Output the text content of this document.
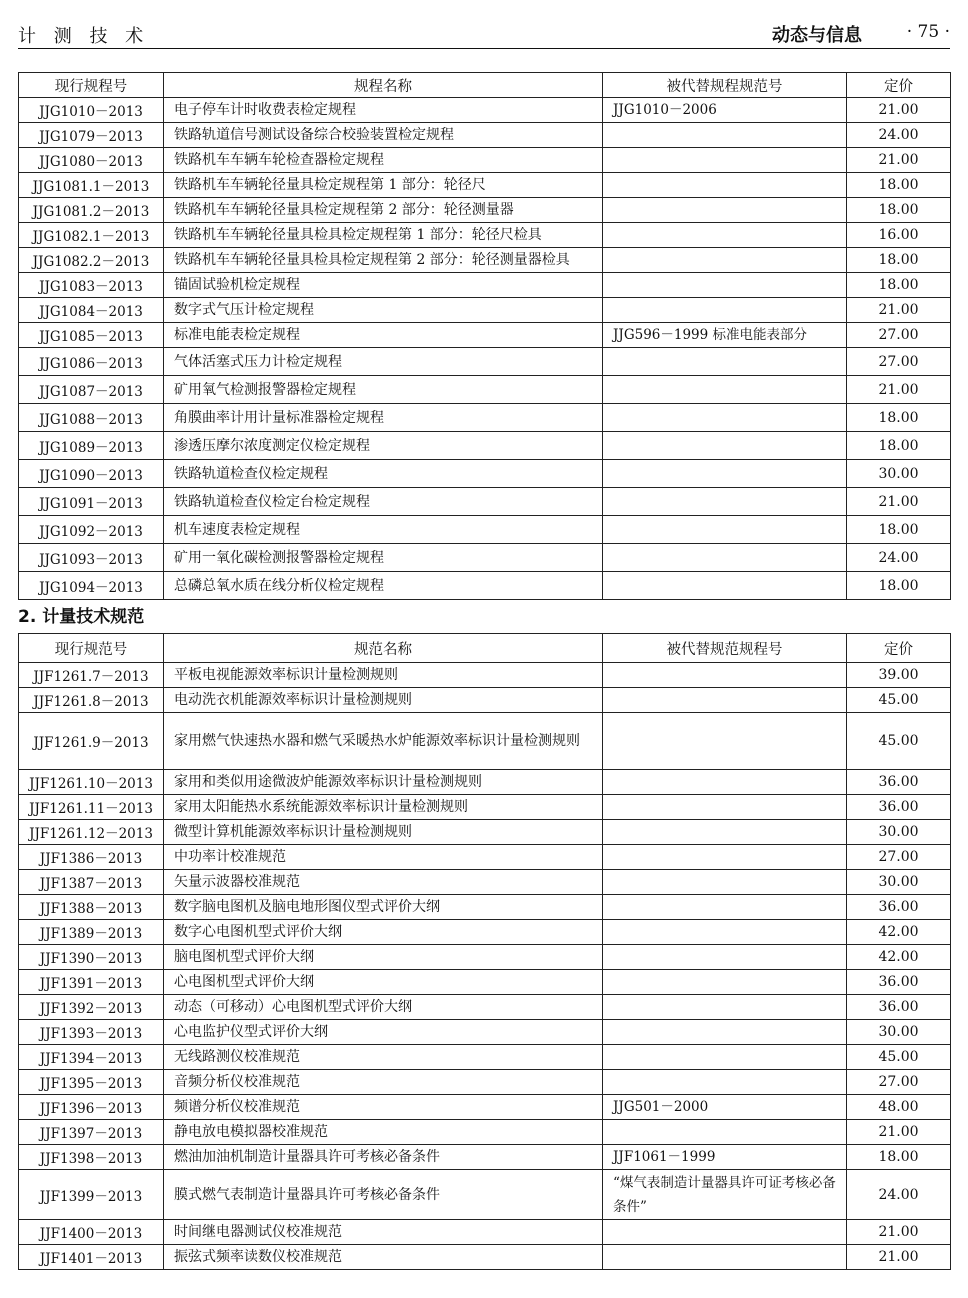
计 测 技 术	动态与信息	· 75 ·
现行规程号	规程名称	被代替规程规范号	定价
JJG1010－2013	电子停车计时收费表检定规程	JJG1010－2006	21.00
JJG1079－2013	铁路轨道信号测试设备综合校验装置检定规程		24.00
JJG1080－2013	铁路机车车辆车轮检查器检定规程		21.00
JJG1081.1－2013	铁路机车车辆轮径量具检定规程第 1 部分：轮径尺		18.00
JJG1081.2－2013	铁路机车车辆轮径量具检定规程第 2 部分：轮径测量器		18.00
JJG1082.1－2013	铁路机车车辆轮径量具检具检定规程第 1 部分：轮径尺检具		16.00
JJG1082.2－2013	铁路机车车辆轮径量具检具检定规程第 2 部分：轮径测量器检具		18.00
JJG1083－2013	锚固试验机检定规程		18.00
JJG1084－2013	数字式气压计检定规程		21.00
JJG1085－2013	标准电能表检定规程	JJG596－1999 标准电能表部分	27.00
JJG1086－2013	气体活塞式压力计检定规程		27.00
JJG1087－2013	矿用氧气检测报警器检定规程		21.00
JJG1088－2013	角膜曲率计用计量标准器检定规程		18.00
JJG1089－2013	渗透压摩尔浓度测定仪检定规程		18.00
JJG1090－2013	铁路轨道检查仪检定规程		30.00
JJG1091－2013	铁路轨道检查仪检定台检定规程		21.00
JJG1092－2013	机车速度表检定规程		18.00
JJG1093－2013	矿用一氧化碳检测报警器检定规程		24.00
JJG1094－2013	总磷总氧水质在线分析仪检定规程		18.00
2. 计量技术规范
现行规范号	规范名称	被代替规范规程号	定价
JJF1261.7－2013	平板电视能源效率标识计量检测规则		39.00
JJF1261.8－2013	电动洗衣机能源效率标识计量检测规则		45.00
JJF1261.9－2013	家用燃气快速热水器和燃气采暖热水炉能源效率标识计量检测规则		45.00
JJF1261.10－2013	家用和类似用途微波炉能源效率标识计量检测规则		36.00
JJF1261.11－2013	家用太阳能热水系统能源效率标识计量检测规则		36.00
JJF1261.12－2013	微型计算机能源效率标识计量检测规则		30.00
JJF1386－2013	中功率计校准规范		27.00
JJF1387－2013	矢量示波器校准规范		30.00
JJF1388－2013	数字脑电图机及脑电地形图仪型式评价大纲		36.00
JJF1389－2013	数字心电图机型式评价大纲		42.00
JJF1390－2013	脑电图机型式评价大纲		42.00
JJF1391－2013	心电图机型式评价大纲		36.00
JJF1392－2013	动态（可移动）心电图机型式评价大纲		36.00
JJF1393－2013	心电监护仪型式评价大纲		30.00
JJF1394－2013	无线路测仪校准规范		45.00
JJF1395－2013	音频分析仪校准规范		27.00
JJF1396－2013	频谱分析仪校准规范	JJG501－2000	48.00
JJF1397－2013	静电放电模拟器校准规范		21.00
JJF1398－2013	燃油加油机制造计量器具许可考核必备条件	JJF1061－1999	18.00
JJF1399－2013	膜式燃气表制造计量器具许可考核必备条件	“煤气表制造计量器具许可证考核必备条件”	24.00
JJF1400－2013	时间继电器测试仪校准规范		21.00
JJF1401－2013	振弦式频率读数仪校准规范		21.00
